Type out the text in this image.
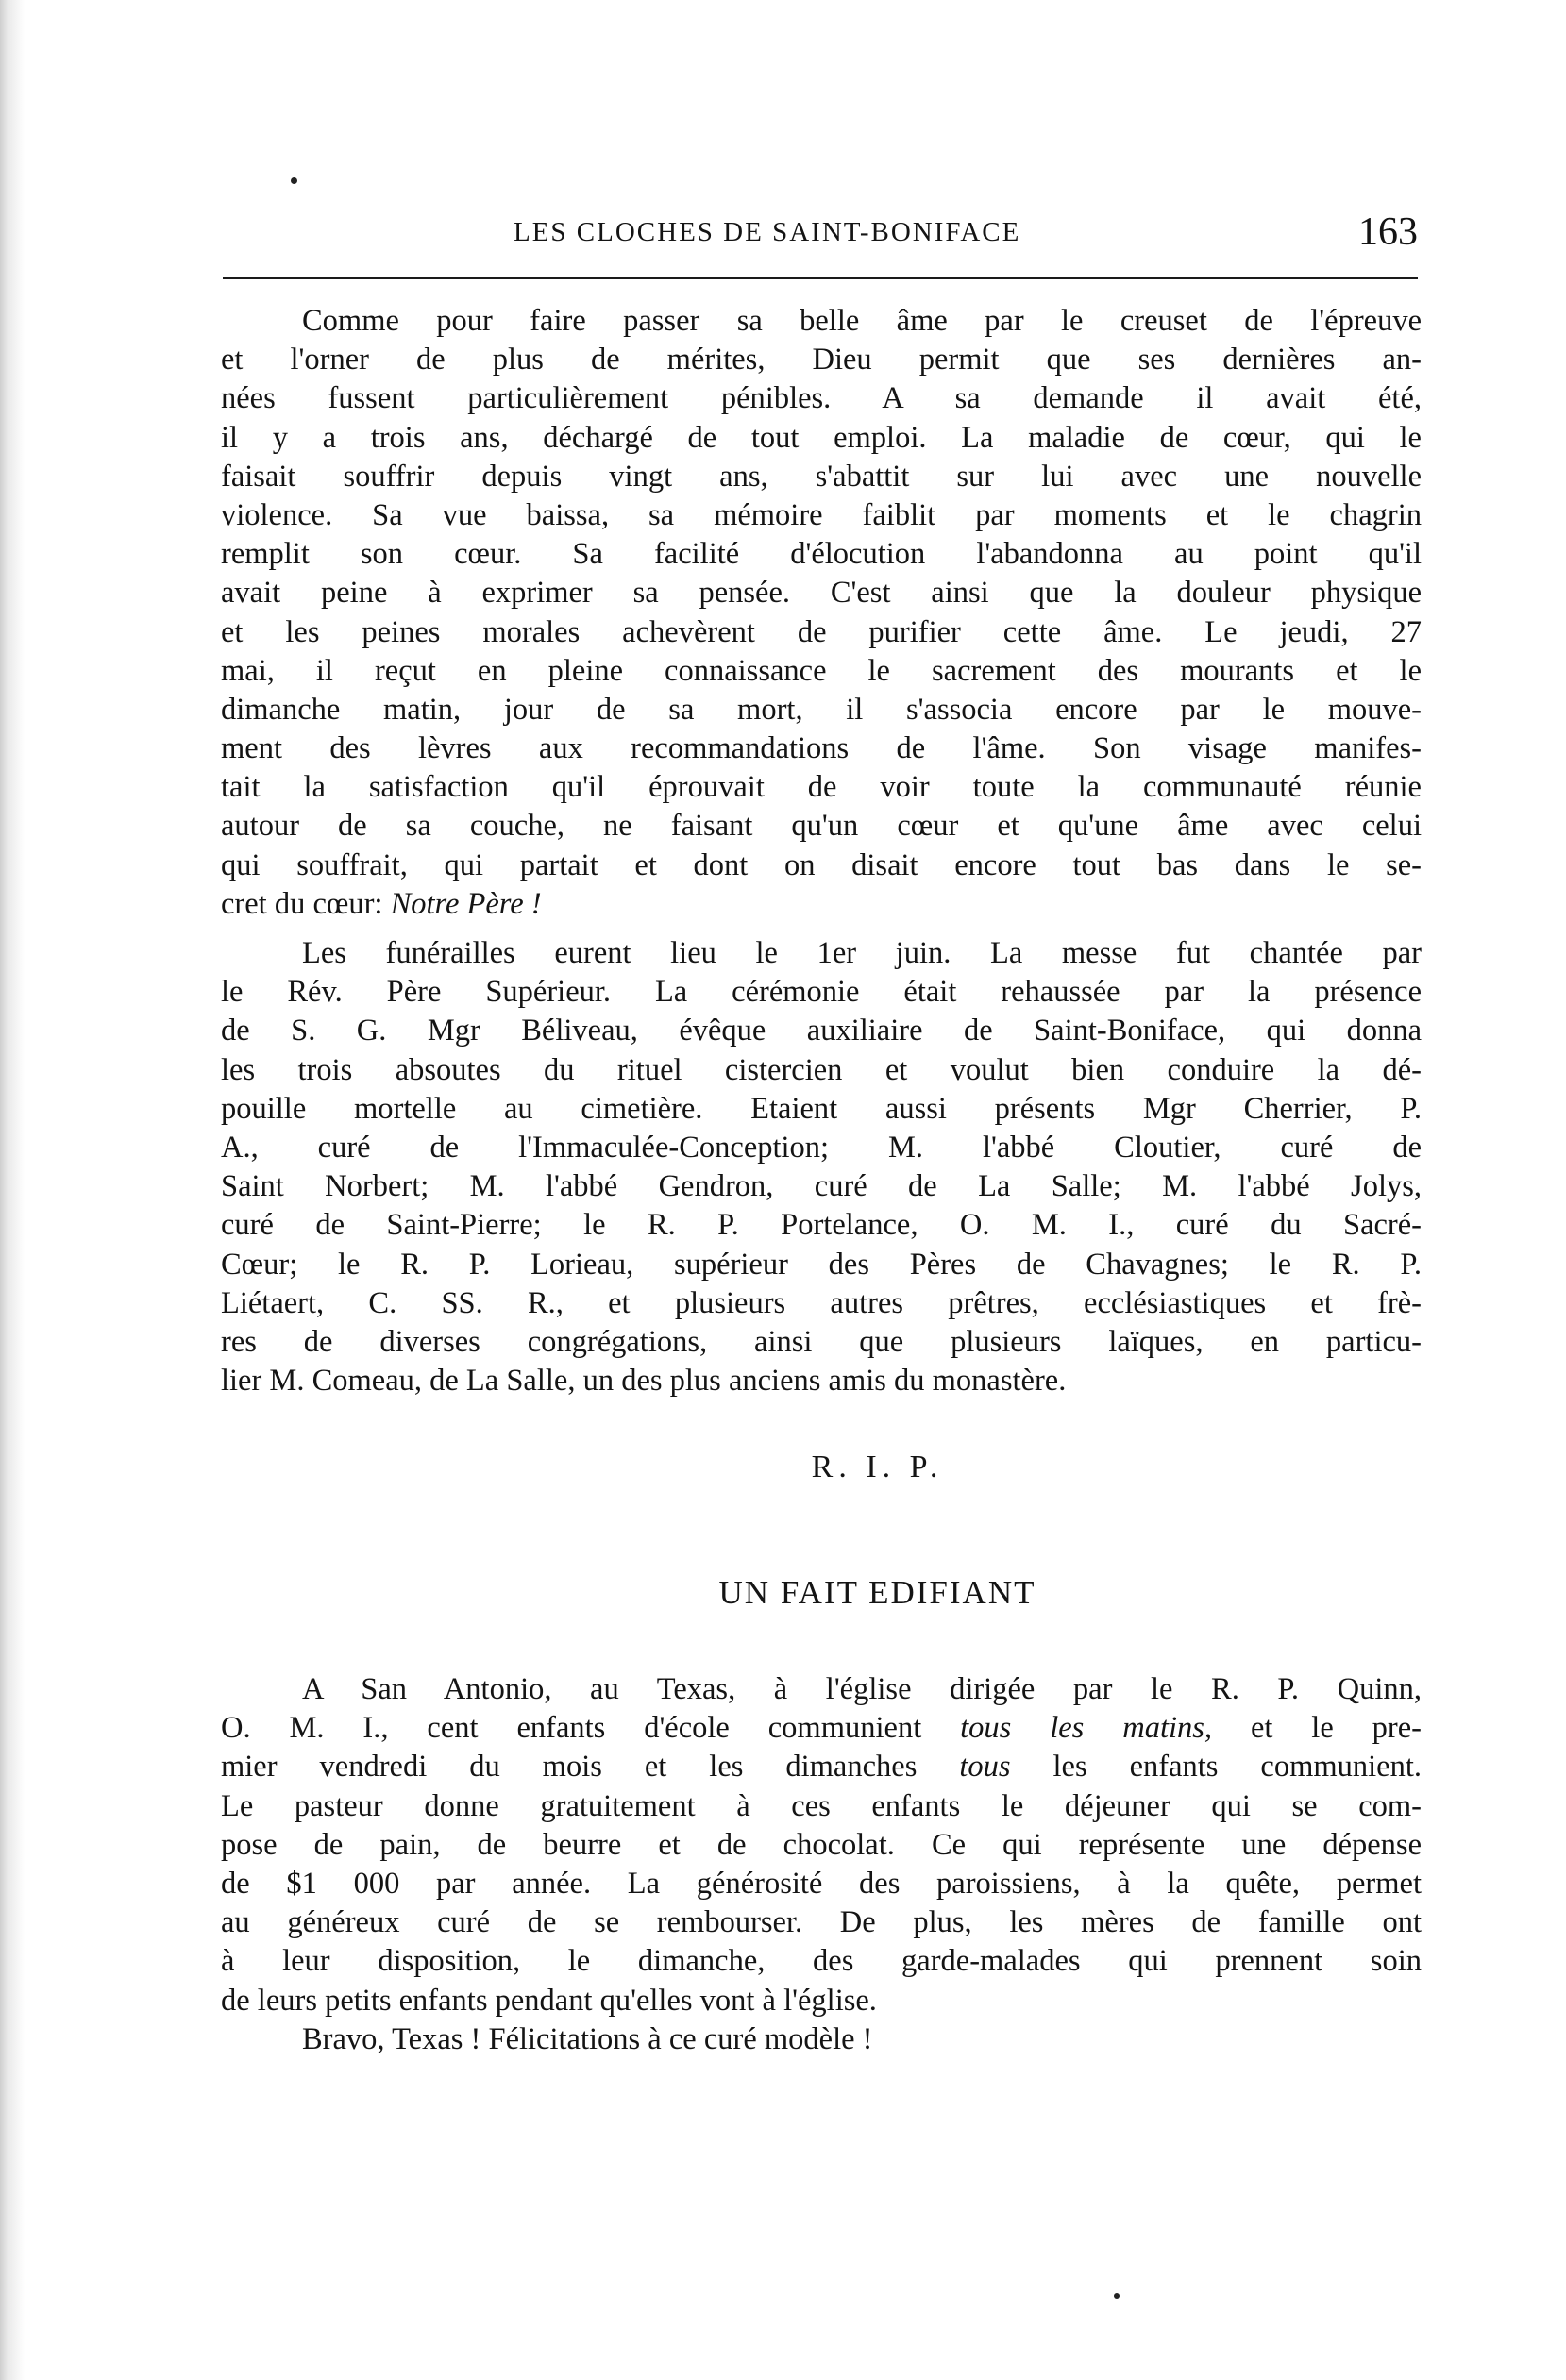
LES CLOCHES DE SAINT-BONIFACE	163
Comme pour faire passer sa belle âme par le creuset de l'épreuve
et l'orner de plus de mérites, Dieu permit que ses dernières an-
nées fussent particulièrement pénibles. A sa demande il avait été,
il y a trois ans, déchargé de tout emploi. La maladie de cœur, qui le
faisait souffrir depuis vingt ans, s'abattit sur lui avec une nouvelle
violence. Sa vue baissa, sa mémoire faiblit par moments et le chagrin
remplit son cœur. Sa facilité d'élocution l'abandonna au point qu'il
avait peine à exprimer sa pensée. C'est ainsi que la douleur physique
et les peines morales achevèrent de purifier cette âme. Le jeudi, 27
mai, il reçut en pleine connaissance le sacrement des mourants et le
dimanche matin, jour de sa mort, il s'associa encore par le mouve-
ment des lèvres aux recommandations de l'âme. Son visage manifes-
tait la satisfaction qu'il éprouvait de voir toute la communauté réunie
autour de sa couche, ne faisant qu'un cœur et qu'une âme avec celui
qui souffrait, qui partait et dont on disait encore tout bas dans le se-
cret du cœur: Notre Père !
Les funérailles eurent lieu le 1er juin. La messe fut chantée par
le Rév. Père Supérieur. La cérémonie était rehaussée par la présence
de S. G. Mgr Béliveau, évêque auxiliaire de Saint-Boniface, qui donna
les trois absoutes du rituel cistercien et voulut bien conduire la dé-
pouille mortelle au cimetière. Etaient aussi présents Mgr Cherrier, P.
A., curé de l'Immaculée-Conception; M. l'abbé Cloutier, curé de
Saint Norbert; M. l'abbé Gendron, curé de La Salle; M. l'abbé Jolys,
curé de Saint-Pierre; le R. P. Portelance, O. M. I., curé du Sacré-
Cœur; le R. P. Lorieau, supérieur des Pères de Chavagnes; le R. P.
Liétaert, C. SS. R., et plusieurs autres prêtres, ecclésiastiques et frè-
res de diverses congrégations, ainsi que plusieurs laïques, en particu-
lier M. Comeau, de La Salle, un des plus anciens amis du monastère.
R. I. P.
UN FAIT EDIFIANT
A San Antonio, au Texas, à l'église dirigée par le R. P. Quinn,
O. M. I., cent enfants d'école communient tous les matins, et le pre-
mier vendredi du mois et les dimanches tous les enfants communient.
Le pasteur donne gratuitement à ces enfants le déjeuner qui se com-
pose de pain, de beurre et de chocolat. Ce qui représente une dépense
de $1 000 par année. La générosité des paroissiens, à la quête, permet
au généreux curé de se rembourser. De plus, les mères de famille ont
à leur disposition, le dimanche, des garde-malades qui prennent soin
de leurs petits enfants pendant qu'elles vont à l'église.
Bravo, Texas ! Félicitations à ce curé modèle !
